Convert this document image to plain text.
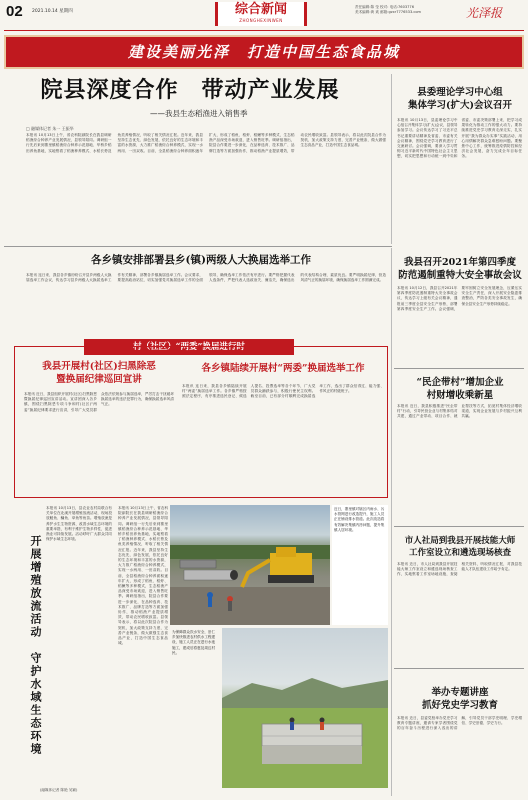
02 2021.10.14 星期四	综合新闻
ZHONGHEXINWEN
责任编辑:陈 莹 校对: 电话:7603776
美术编辑:黄 欢 邮箱:gzxr7776533.com	光泽报
建设美丽光泽　打造中国生态食品城
院县深度合作　带动产业发展
——我县生态稻渔进入销售季
□ 融媒体记者 朱一 王振华
本报讯 10月13日上午，省农科院副院长在我县调研稻渔综合种养产业发展情况，县领导陪同。调研组一行先后来到寨里镇稻渔综合种养示范基地、华桥乡稻田养鱼基地，实地察看了稻渔种养模式、水稻长势及鱼类养殖情况，听取了相关情况汇报。近年来，我县坚持生态优先、绿色发展，依托良好的生态环境和丰富的水资源，大力推广稻渔综合种养模式，实现一水两用、一田双收。目前，全县稻渔综合种养面积逐年扩大，形成了稻鱼、稻虾、稻鳅等多种模式，生态稻渔产品深受市场欢迎，进入销售旺季。调研组指出，院县合作要进一步深化，在品种选育、技术推广、品牌打造等方面加强协作，推动稻渔产业提质增效，带动农民增收致富。县领导表示，将以此次院县合作为契机，加大政策支持力度，完善产业链条，做大做强生态食品产业，打造中国生态食品城。
县委理论学习中心组
集体学习(扩大)会议召开
本报讯 10月13日，县委理论学习中心组召开集体学习(扩大)会议，县领导参加学习。会议传达学习了习近平总书记重要讲话精神及省委、市委有关会议精神，围绕党史学习教育进行了交流研讨。会议强调，要深入学习贯彻习近平新时代中国特色社会主义思想，切实把思想和行动统一到中央和省委、市委决策部署上来，把学习成果转化为推动工作的强大动力。要持续推进党史学习教育走深走实，扎实开展“我为群众办实事”实践活动，用心用情解决群众急难愁盼问题。要聚焦中心工作，统筹推进疫情防控和经济社会发展，奋力完成全年目标任务。
各乡镇安排部署县乡(镇)两级人大换届选举工作
本报讯 连日来，我县各乡镇纷纷召开县乡两级人大换届选举工作会议，传达学习县乡两级人大换届选举工作有关精神，部署各乡镇换届选举工作。会议要求，要提高政治站位，切实加强党对换届选举工作的全面领导，确保选举工作依法有序进行。要严格把握代表人选条件，严把代表人选政治关、廉洁关，确保选出的代表结构合理、素质优良。要严明换届纪律，营造风清气正的换届环境，确保换届选举工作圆满完成。
村（社区）“两委”换届进行时
我县开展村(社区)扫黑除恶
暨换届纪律巡回宣讲
本报讯 近日，我县组织开展村(社区)扫黑除恶暨换届纪律巡回宣讲活动。宣讲团深入各乡镇，围绕扫黑除恶专项斗争和村(社区)“两委”换届纪律要求进行宣讲，引导广大党员群众依法依规参与换届选举，严厉打击干扰破坏换届选举的违法犯罪行为，确保换届选举风清气正。
各乡镇陆续开展村“两委”换届选举工作
本报讯 连日来，我县各乡镇陆续开展村“两委”换届选举工作。各乡镇严格按照法定程序，有序推进选民登记、候选人提名、投票选举等各个环节，广大党员群众踊跃参与，积极行使民主权利。截至目前，已有部分村顺利完成换届选举工作，选出了群众信得过、能力强、作风正的村级班子。
开展增殖放流活动　守护水域生态环境
本报讯 10月13日，县农业农村局联合有关单位在北溪开展增殖放流活动，现场投放鲢鱼、鳙鱼、草鱼等鱼苗。增殖放流是养护水生生物资源、改善水域生态环境的重要举措，有利于维护生物多样性，促进渔业可持续发展。活动呼吁广大群众共同保护水域生态环境。
(融媒体记者 陈艳 吴颖)
本报讯 10月13日上午，省农科院副院长在我县调研稻渔综合种养产业发展情况，县领导陪同。调研组一行先后来到寨里镇稻渔综合种养示范基地、华桥乡稻田养鱼基地，实地察看了稻渔种养模式、水稻长势及鱼类养殖情况，听取了相关情况汇报。近年来，我县坚持生态优先、绿色发展，依托良好的生态环境和丰富的水资源，大力推广稻渔综合种养模式，实现一水两用、一田双收。目前，全县稻渔综合种养面积逐年扩大，形成了稻鱼、稻虾、稻鳅等多种模式，生态稻渔产品深受市场欢迎，进入销售旺季。调研组指出，院县合作要进一步深化，在品种选育、技术推广、品牌打造等方面加强协作，推动稻渔产业提质增效，带动农民增收致富。县领导表示，将以此次院县合作为契机，加大政策支持力度，完善产业链条，做大做强生态食品产业，打造中国生态食品城。
近日，寨里镇对辖区内雨水、污水管网进行改造提升，施工人员正在铺设排水管道。此次改造将有效解决集镇内涝问题，提升集镇人居环境。
为保障群众饮水安全，崇仁乡加快推进农村供水工程建设，施工人员正在进行水池施工，建成后将惠及周边村民。
我县召开2021年第四季度
防范遏制重特大安全事故会议
本报讯 10月12日，我县召开2021年第四季度防范遏制重特大安全事故会议，传达学习上级有关会议精神，通报前三季度全县安全生产形势，部署第四季度安全生产工作。会议强调，要牢固树立安全发展理念，压紧压实安全生产责任，深入开展安全隐患排查整治，严防各类安全事故发生，确保全县安全生产形势持续稳定。
“民企带村”增加企业
村财增收乘新星
本报讯 近日，我县积极推进“民企带村”行动，引导民营企业与村集体结对共建，通过产业带动、项目合作、就业帮扶等方式，拓宽村集体经济增收渠道，实现企业发展与乡村振兴互利共赢。
市人社局到我县开展技能大师
工作室设立和遴选现场核查
本报讯 近日，市人社局到我县开展技能大师工作室设立和遴选现场核查工作，实地察看工作室场地设施，查阅相关资料，听取情况汇报，对我县技能人才队伍建设工作给予肯定。
举办专题讲座
抓好党史学习教育
本报讯 近日，县委党校举办党史学习教育专题讲座，邀请专家学者围绕党的百年奋斗历程进行深入浅出的讲解，引导党员干部学史明理、学史增信、学史崇德、学史力行。
